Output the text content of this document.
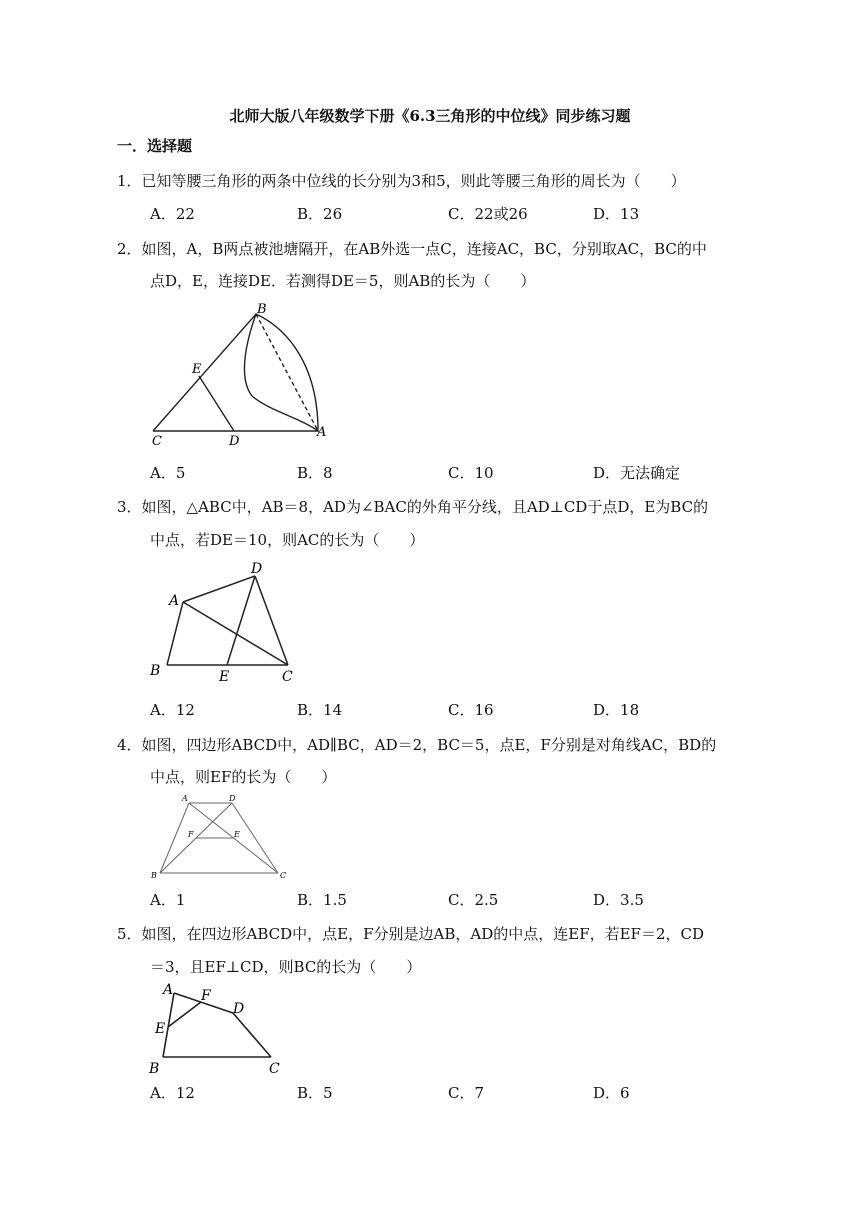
北师大版八年级数学下册《6.3三角形的中位线》同步练习题
一．选择题
1．已知等腰三角形的两条中位线的长分别为3和5，则此等腰三角形的周长为（　　）
A．22	B．26	C．22或26	D．13
2．如图，A，B两点被池塘隔开，在AB外选一点C，连接AC，BC，分别取AC，BC的中
点D，E，连接DE．若测得DE＝5，则AB的长为（　　）
B
E
C	D
A
A．5	B．8	C．10	D．无法确定
3．如图，△ABC中，AB＝8，AD为∠BAC的外角平分线，且AD⊥CD于点D，E为BC的
中点，若DE＝10，则AC的长为（　　）
D
A
B	E	C
A．12	B．14	C．16	D．18
4．如图，四边形ABCD中，AD∥BC，AD＝2，BC＝5，点E，F分别是对角线AC，BD的
中点，则EF的长为（　　）
A	D
F	E
B	C
A．1	B．1.5	C．2.5	D．3.5
5．如图，在四边形ABCD中，点E，F分别是边AB，AD的中点，连EF，若EF＝2，CD
＝3，且EF⊥CD，则BC的长为（　　）
A F
D
E
B	C
A．12	B．5	C．7	D．6
